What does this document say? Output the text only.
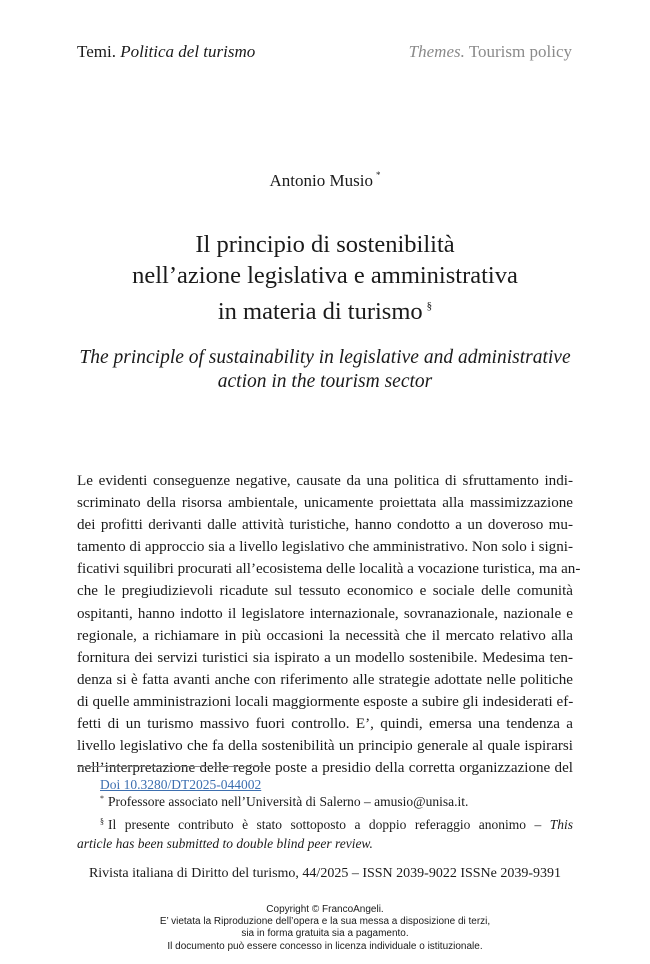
Temi. Politica del turismo	Themes. Tourism policy
Antonio Musio *
Il principio di sostenibilità
nell’azione legislativa e amministrativa
in materia di turismo §
The principle of sustainability in legislative and administrative
action in the tourism sector
Le evidenti conseguenze negative, causate da una politica di sfruttamento indi-
scriminato della risorsa ambientale, unicamente proiettata alla massimizzazione
dei profitti derivanti dalle attività turistiche, hanno condotto a un doveroso mu-
tamento di approccio sia a livello legislativo che amministrativo. Non solo i signi-
ficativi squilibri procurati all’ecosistema delle località a vocazione turistica, ma an-
che le pregiudizievoli ricadute sul tessuto economico e sociale delle comunità
ospitanti, hanno indotto il legislatore internazionale, sovranazionale, nazionale e
regionale, a richiamare in più occasioni la necessità che il mercato relativo alla
fornitura dei servizi turistici sia ispirato a un modello sostenibile. Medesima ten-
denza si è fatta avanti anche con riferimento alle strategie adottate nelle politiche
di quelle amministrazioni locali maggiormente esposte a subire gli indesiderati ef-
fetti di un turismo massivo fuori controllo. E’, quindi, emersa una tendenza a
livello legislativo che fa della sostenibilità un principio generale al quale ispirarsi
nell’interpretazione delle regole poste a presidio della corretta organizzazione del
Doi 10.3280/DT2025-044002
* Professore associato nell’Università di Salerno – amusio@unisa.it.
§ Il presente contributo è stato sottoposto a doppio referaggio anonimo – This
article has been submitted to double blind peer review.
Rivista italiana di Diritto del turismo, 44/2025 – ISSN 2039-9022 ISSNe 2039-9391
Copyright © FrancoAngeli.
E’ vietata la Riproduzione dell’opera e la sua messa a disposizione di terzi,
sia in forma gratuita sia a pagamento.
Il documento può essere concesso in licenza individuale o istituzionale.
